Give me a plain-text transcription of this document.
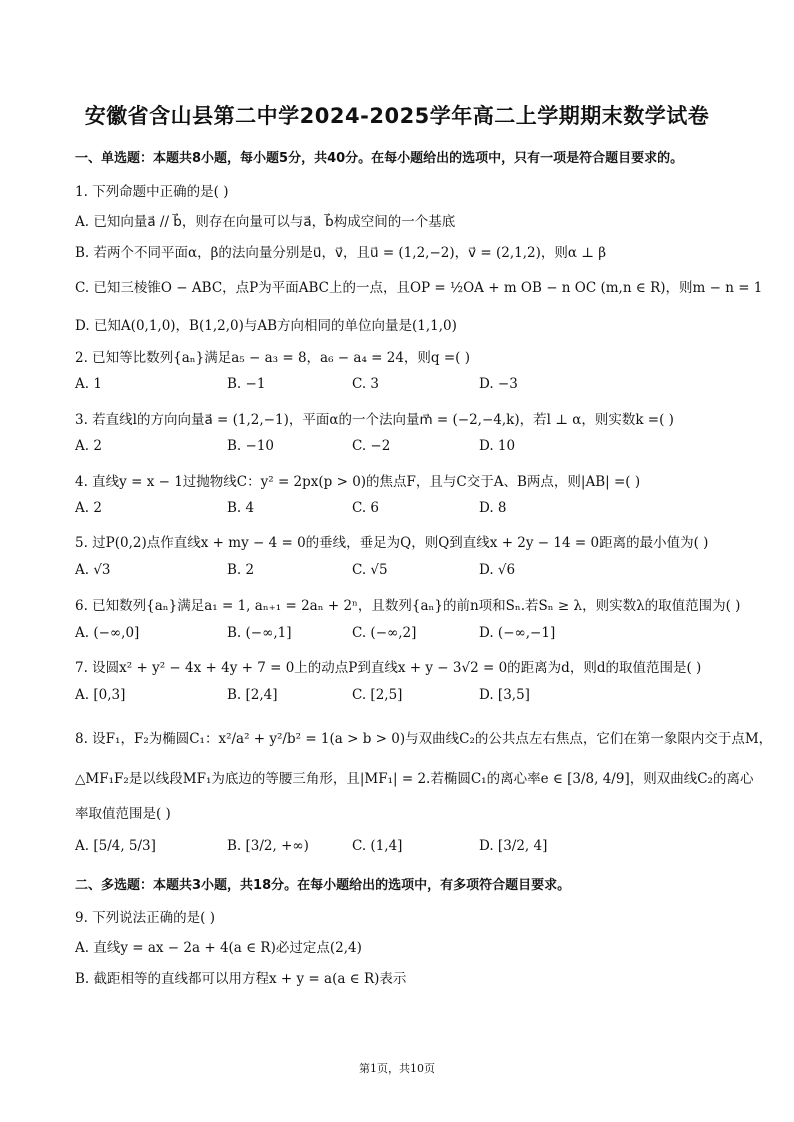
安徽省含山县第二中学2024-2025学年高二上学期期末数学试卷
一、单选题：本题共8小题，每小题5分，共40分。在每小题给出的选项中，只有一项是符合题目要求的。
1. 下列命题中正确的是( )
A. 已知向量a⃗ // b⃗，则存在向量可以与a⃗，b⃗构成空间的一个基底
B. 若两个不同平面α，β的法向量分别是u⃗，v⃗，且u⃗ = (1,2,−2)，v⃗ = (2,1,2)，则α ⊥ β
C. 已知三棱锥O − ABC，点P为平面ABC上的一点，且OP = ½OA + m OB − n OC (m,n ∈ R)，则m − n = 1
D. 已知A(0,1,0)，B(1,2,0)与AB方向相同的单位向量是(1,1,0)
2. 已知等比数列{aₙ}满足a₅ − a₃ = 8，a₆ − a₄ = 24，则q =( )
A. 1	B. −1	C. 3	D. −3
3. 若直线l的方向向量a⃗ = (1,2,−1)，平面α的一个法向量m⃗ = (−2,−4,k)，若l ⊥ α，则实数k =( )
A. 2	B. −10	C. −2	D. 10
4. 直线y = x − 1过抛物线C：y² = 2px(p > 0)的焦点F，且与C交于A、B两点，则|AB| =( )
A. 2	B. 4	C. 6	D. 8
5. 过P(0,2)点作直线x + my − 4 = 0的垂线，垂足为Q，则Q到直线x + 2y − 14 = 0距离的最小值为( )
A. √3	B. 2	C. √5	D. √6
6. 已知数列{aₙ}满足a₁ = 1, aₙ₊₁ = 2aₙ + 2ⁿ，且数列{aₙ}的前n项和Sₙ.若Sₙ ≥ λ，则实数λ的取值范围为( )
A. (−∞,0]	B. (−∞,1]	C. (−∞,2]	D. (−∞,−1]
7. 设圆x² + y² − 4x + 4y + 7 = 0上的动点P到直线x + y − 3√2 = 0的距离为d，则d的取值范围是( )
A. [0,3]	B. [2,4]	C. [2,5]	D. [3,5]
8. 设F₁，F₂为椭圆C₁：x²/a² + y²/b² = 1(a > b > 0)与双曲线C₂的公共点左右焦点，它们在第一象限内交于点M，
△MF₁F₂是以线段MF₁为底边的等腰三角形，且|MF₁| = 2.若椭圆C₁的离心率e ∈ [3/8, 4/9]，则双曲线C₂的离心
率取值范围是( )
A. [5/4, 5/3]	B. [3/2, +∞)	C. (1,4]	D. [3/2, 4]
二、多选题：本题共3小题，共18分。在每小题给出的选项中，有多项符合题目要求。
9. 下列说法正确的是( )
A. 直线y = ax − 2a + 4(a ∈ R)必过定点(2,4)
B. 截距相等的直线都可以用方程x + y = a(a ∈ R)表示
第1页，共10页
